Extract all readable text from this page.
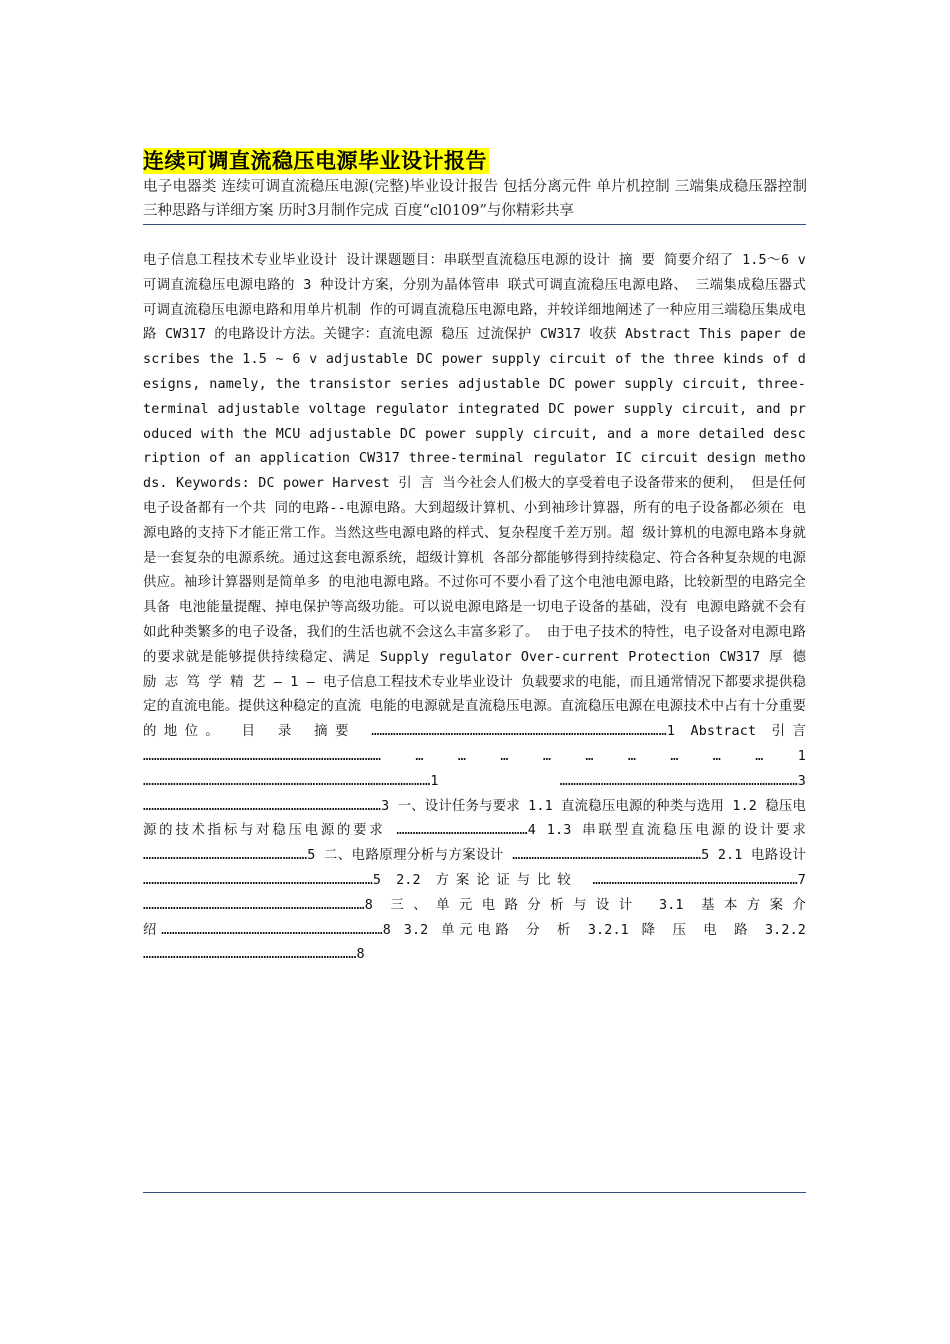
连续可调直流稳压电源毕业设计报告
电子电器类 连续可调直流稳压电源(完整)毕业设计报告 包括分离元件 单片机控制 三端集成稳压器控制三种思路与详细方案 历时3月制作完成 百度“cl0109”与你精彩共享
电子信息工程技术专业毕业设计 设计课题题目：串联型直流稳压电源的设计 摘 要 简要介绍了 1.5～6 v 可调直流稳压电源电路的 3 种设计方案，分别为晶体管串 联式可调直流稳压电源电路、 三端集成稳压器式可调直流稳压电源电路和用单片机制 作的可调直流稳压电源电路，并较详细地阐述了一种应用三端稳压集成电路 CW317 的电路设计方法。关键字：直流电源 稳压 过流保护 CW317 收获 Abstract This paper describes the 1.5 ~ 6 v adjustable DC power supply circuit of the three kinds of designs, namely, the transistor series adjustable DC power supply circuit, three-terminal adjustable voltage regulator integrated DC power supply circuit, and produced with the MCU adjustable DC power supply circuit, and a more detailed description of an application CW317 three-terminal regulator IC circuit design methods. Keywords: DC power Harvest 引 言 当今社会人们极大的享受着电子设备带来的便利， 但是任何电子设备都有一个共 同的电路--电源电路。大到超级计算机、小到袖珍计算器，所有的电子设备都必须在 电源电路的支持下才能正常工作。当然这些电源电路的样式、复杂程度千差万别。超 级计算机的电源电路本身就是一套复杂的电源系统。通过这套电源系统，超级计算机 各部分都能够得到持续稳定、符合各种复杂规的电源供应。袖珍计算器则是简单多 的电池电源电路。不过你可不要小看了这个电池电源电路，比较新型的电路完全具备 电池能量提醒、掉电保护等高级功能。可以说电源电路是一切电子设备的基础，没有 电源电路就不会有如此种类繁多的电子设备，我们的生活也就不会这么丰富多彩了。 由于电子技术的特性，电子设备对电源电路的要求就是能够提供持续稳定、满足 Supply regulator Over-current Protection CW317 厚 德 励 志 笃 学 精 艺 — 1 — 电子信息工程技术专业毕业设计 负载要求的电能，而且通常情况下都要求提供稳定的直流电能。提供这种稳定的直流 电能的电源就是直流稳压电源。直流稳压电源在电源技术中占有十分重要的地位。 目 录 摘要 ………………………………………………………………………………………………1 Abstract 引言 …………………………………………………………………………… … … … … … … … … … 1 ……………………………………………………………………………………………1 ……………………………………………………………………………3 ……………………………………………………………………………3 一、设计任务与要求 1.1 直流稳压电源的种类与选用 1.2 稳压电源的技术指标与对稳压电源的要求 …………………………………………4 1.3 串联型直流稳压电源的设计要求 ……………………………………………………5 二、电路原理分析与方案设计 ……………………………………………………………5 2.1 电路设计 …………………………………………………………………………5 2.2 方案论证与比较 …………………………………………………………………7 ………………………………………………………………………8 三、单元电路分析与设计 3.1 基本方案介绍………………………………………………………………………8 3.2 单元电路 分 析 3.2.1 降 压 电 路 3.2.2 ……………………………………………………………………8
